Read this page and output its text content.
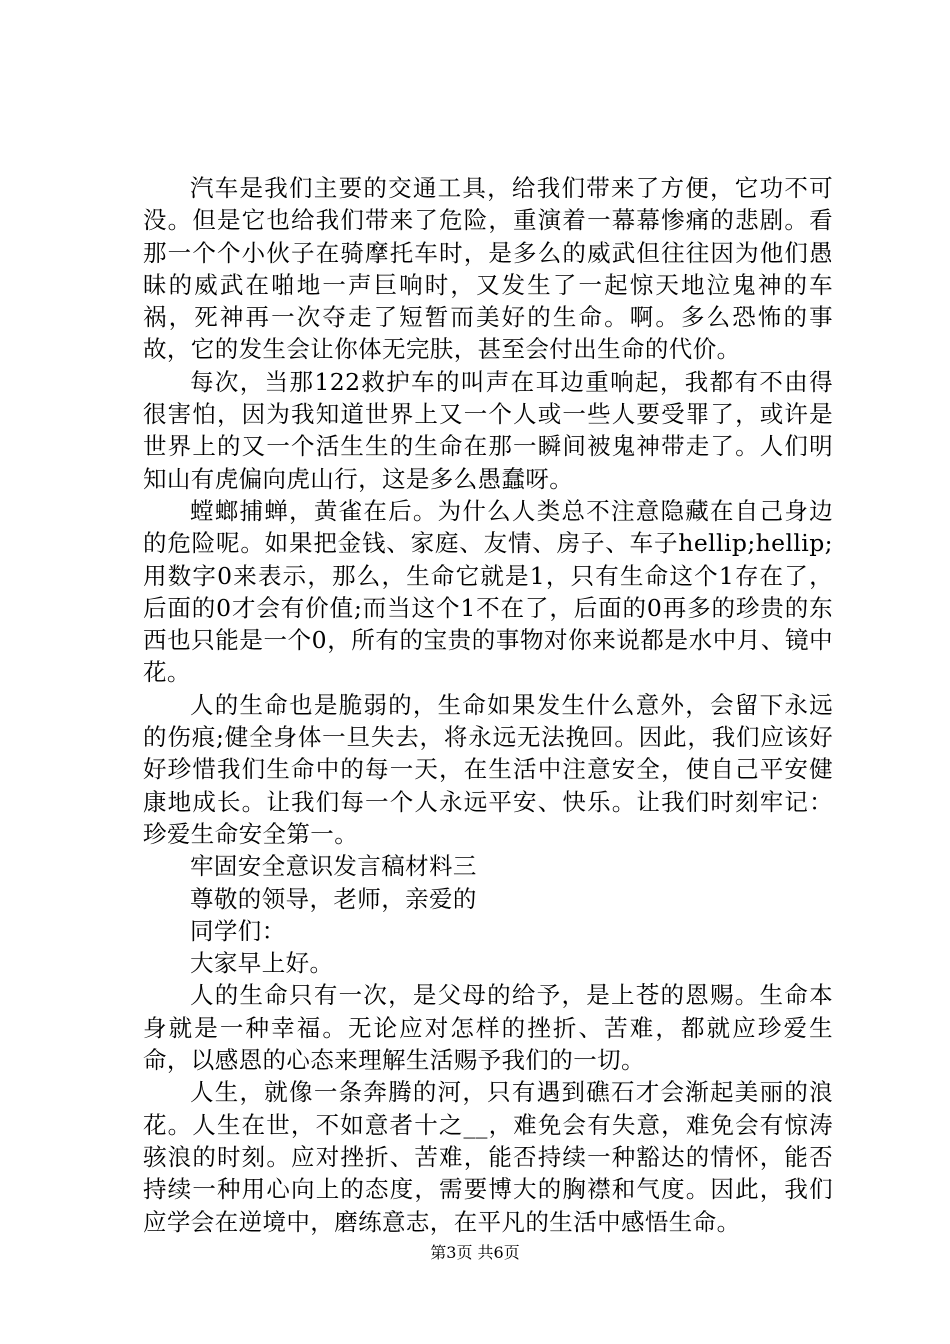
汽车是我们主要的交通工具，给我们带来了方便，它功不可没。但是它也给我们带来了危险，重演着一幕幕惨痛的悲剧。看那一个个小伙子在骑摩托车时，是多么的威武但往往因为他们愚昧的威武在啪地一声巨响时，又发生了一起惊天地泣鬼神的车祸，死神再一次夺走了短暂而美好的生命。啊。多么恐怖的事故，它的发生会让你体无完肤，甚至会付出生命的代价。

每次，当那122救护车的叫声在耳边重响起，我都有不由得很害怕，因为我知道世界上又一个人或一些人要受罪了，或许是世界上的又一个活生生的生命在那一瞬间被鬼神带走了。人们明知山有虎偏向虎山行，这是多么愚蠢呀。

螳螂捕蝉，黄雀在后。为什么人类总不注意隐藏在自己身边的危险呢。如果把金钱、家庭、友情、房子、车子hellip;hellip;用数字0来表示，那么，生命它就是1，只有生命这个1存在了，后面的0才会有价值;而当这个1不在了，后面的0再多的珍贵的东西也只能是一个0，所有的宝贵的事物对你来说都是水中月、镜中花。

人的生命也是脆弱的，生命如果发生什么意外，会留下永远的伤痕;健全身体一旦失去，将永远无法挽回。因此，我们应该好好珍惜我们生命中的每一天，在生活中注意安全，使自己平安健康地成长。让我们每一个人永远平安、快乐。让我们时刻牢记：珍爱生命安全第一。

牢固安全意识发言稿材料三

尊敬的领导，老师，亲爱的

同学们：

大家早上好。

人的生命只有一次，是父母的给予，是上苍的恩赐。生命本身就是一种幸福。无论应对怎样的挫折、苦难，都就应珍爱生命，以感恩的心态来理解生活赐予我们的一切。

人生，就像一条奔腾的河，只有遇到礁石才会渐起美丽的浪花。人生在世，不如意者十之__，难免会有失意，难免会有惊涛骇浪的时刻。应对挫折、苦难，能否持续一种豁达的情怀，能否持续一种用心向上的态度，需要博大的胸襟和气度。因此，我们应学会在逆境中，磨练意志，在平凡的生活中感悟生命。

第3页 共6页
